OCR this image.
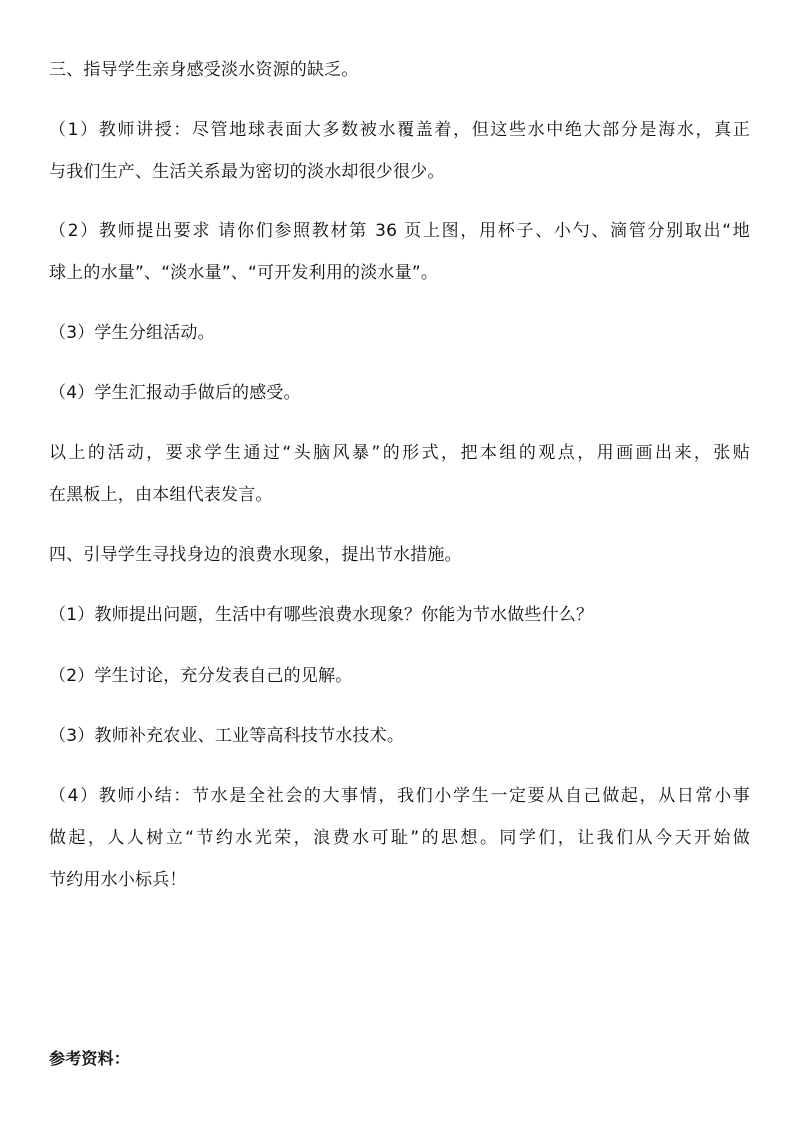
三、指导学生亲身感受淡水资源的缺乏。
（1）教师讲授：尽管地球表面大多数被水覆盖着，但这些水中绝大部分是海水，真正
与我们生产、生活关系最为密切的淡水却很少很少。
（2）教师提出要求 请你们参照教材第 36 页上图，用杯子、小勺、滴管分别取出“地
球上的水量”、“淡水量”、“可开发利用的淡水量”。
（3）学生分组活动。
（4）学生汇报动手做后的感受。
以上的活动，要求学生通过“头脑风暴”的形式，把本组的观点，用画画出来，张贴
在黑板上，由本组代表发言。
四、引导学生寻找身边的浪费水现象，提出节水措施。
（1）教师提出问题，生活中有哪些浪费水现象？你能为节水做些什么？
（2）学生讨论，充分发表自己的见解。
（3）教师补充农业、工业等高科技节水技术。
（4）教师小结：节水是全社会的大事情，我们小学生一定要从自己做起，从日常小事
做起，人人树立“节约水光荣，浪费水可耻”的思想。同学们，让我们从今天开始做
节约用水小标兵！
参考资料：
